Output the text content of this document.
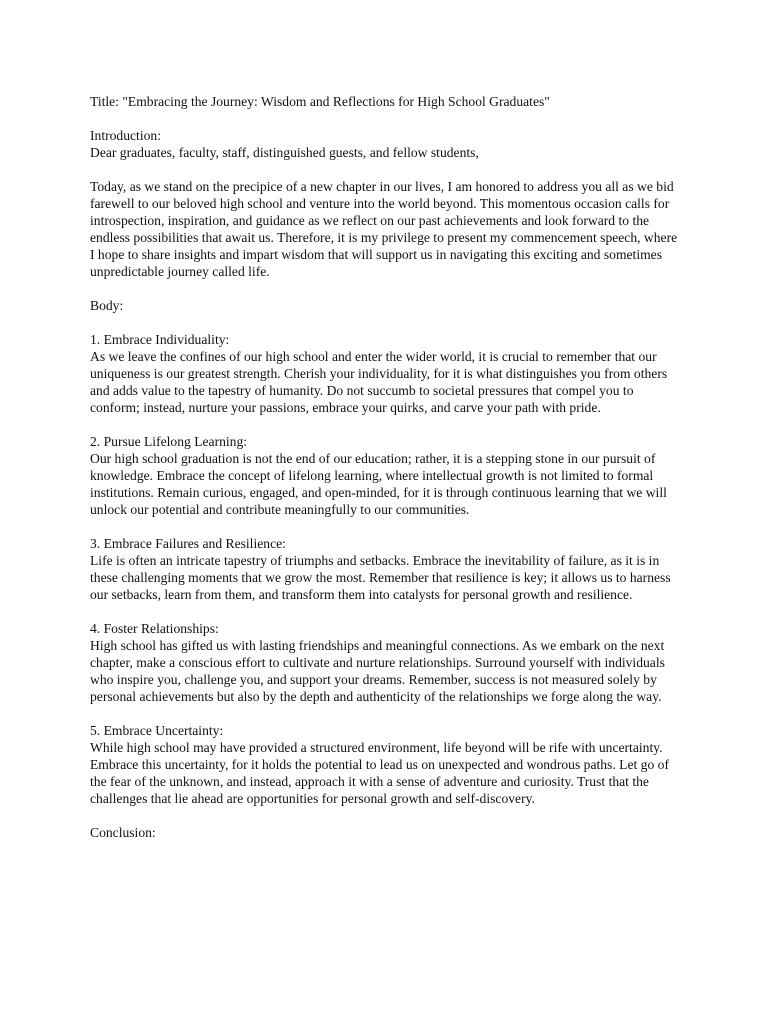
Title: "Embracing the Journey: Wisdom and Reflections for High School Graduates"

Introduction:

Dear graduates, faculty, staff, distinguished guests, and fellow students,

Today, as we stand on the precipice of a new chapter in our lives, I am honored to address you all as we bid farewell to our beloved high school and venture into the world beyond. This momentous occasion calls for introspection, inspiration, and guidance as we reflect on our past achievements and look forward to the endless possibilities that await us. Therefore, it is my privilege to present my commencement speech, where I hope to share insights and impart wisdom that will support us in navigating this exciting and sometimes unpredictable journey called life.

Body:

1. Embrace Individuality:

As we leave the confines of our high school and enter the wider world, it is crucial to remember that our uniqueness is our greatest strength. Cherish your individuality, for it is what distinguishes you from others and adds value to the tapestry of humanity. Do not succumb to societal pressures that compel you to conform; instead, nurture your passions, embrace your quirks, and carve your path with pride.

2. Pursue Lifelong Learning:

Our high school graduation is not the end of our education; rather, it is a stepping stone in our pursuit of knowledge. Embrace the concept of lifelong learning, where intellectual growth is not limited to formal institutions. Remain curious, engaged, and open-minded, for it is through continuous learning that we will unlock our potential and contribute meaningfully to our communities.

3. Embrace Failures and Resilience:

Life is often an intricate tapestry of triumphs and setbacks. Embrace the inevitability of failure, as it is in these challenging moments that we grow the most. Remember that resilience is key; it allows us to harness our setbacks, learn from them, and transform them into catalysts for personal growth and resilience.

4. Foster Relationships:

High school has gifted us with lasting friendships and meaningful connections. As we embark on the next chapter, make a conscious effort to cultivate and nurture relationships. Surround yourself with individuals who inspire you, challenge you, and support your dreams. Remember, success is not measured solely by personal achievements but also by the depth and authenticity of the relationships we forge along the way.

5. Embrace Uncertainty:

While high school may have provided a structured environment, life beyond will be rife with uncertainty. Embrace this uncertainty, for it holds the potential to lead us on unexpected and wondrous paths. Let go of the fear of the unknown, and instead, approach it with a sense of adventure and curiosity. Trust that the challenges that lie ahead are opportunities for personal growth and self-discovery.

Conclusion:
